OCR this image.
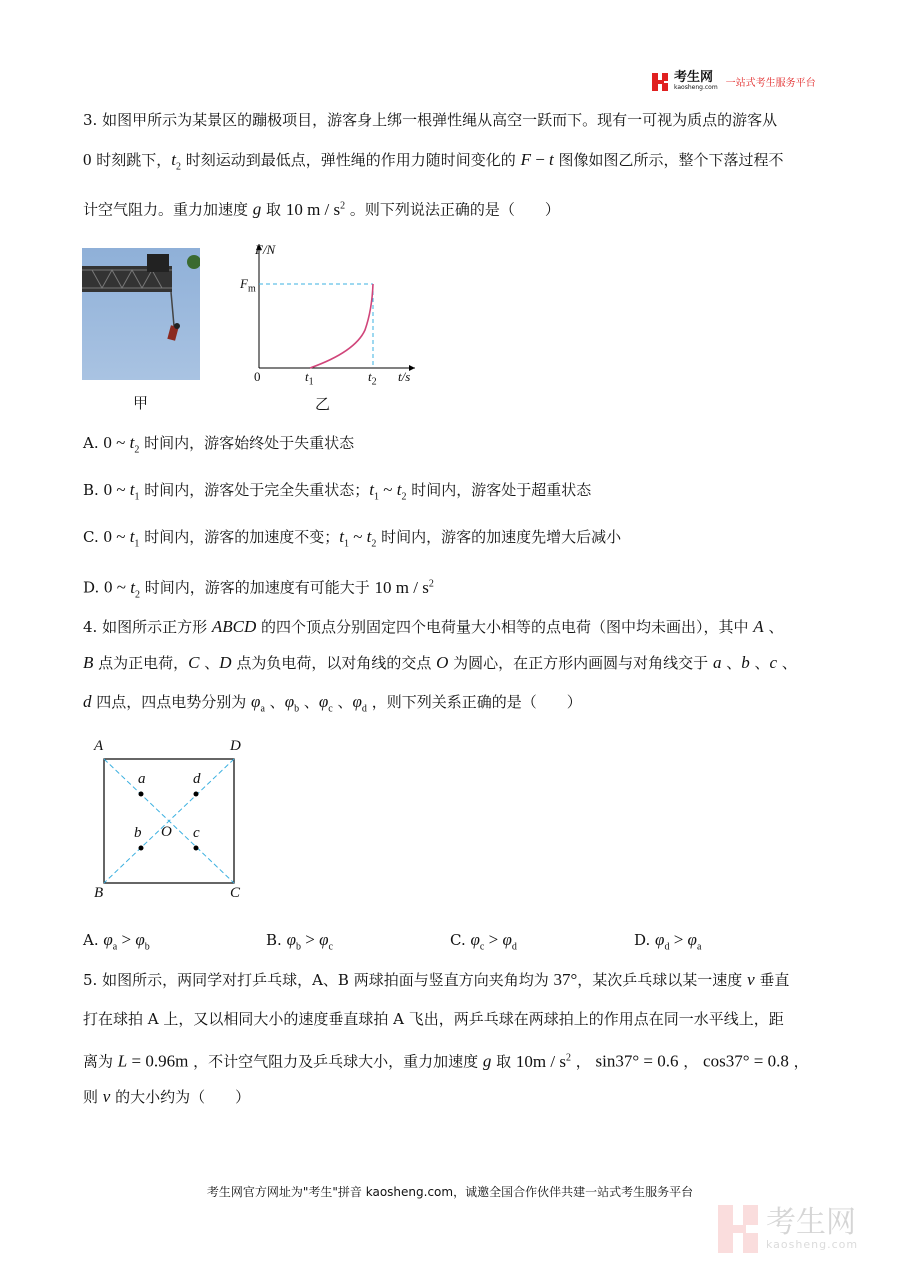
考生网
kaosheng.com 一站式考生服务平台
3. 如图甲所示为某景区的蹦极项目，游客身上绑一根弹性绳从高空一跃而下。现有一可视为质点的游客从
0 时刻跳下，$t_2$ 时刻运动到最低点，弹性绳的作用力随时间变化的 F − t 图像如图乙所示，整个下落过程不
计空气阻力。重力加速度 g 取 10 m / $s^2$ 。则下列说法正确的是（　　）
甲
F/N
$F_m$
0	$t_1$	$t_2$ t/s
乙
A. 0 ~ $t_2$ 时间内，游客始终处于失重状态
B. 0 ~ $t_1$ 时间内，游客处于完全失重状态；$t_1$ ~ $t_2$ 时间内，游客处于超重状态
C. 0 ~ $t_1$ 时间内，游客的加速度不变；$t_1$ ~ $t_2$ 时间内，游客的加速度先增大后减小
D. 0 ~ $t_2$ 时间内，游客的加速度有可能大于 10 m / $s^2$
4. 如图所示正方形 ABCD 的四个顶点分别固定四个电荷量大小相等的点电荷（图中均未画出），其中 A 、
B 点为正电荷，C 、D 点为负电荷，以对角线的交点 O 为圆心，在正方形内画圆与对角线交于 a 、b 、c 、
d 四点，四点电势分别为 $\varphi_a$ 、$\varphi_b$ 、$\varphi_c$ 、$\varphi_d$ ，则下列关系正确的是（　　）
A	D
B	C
a	d
b	c
O
A. $\varphi_a > \varphi_b$	B. $\varphi_b > \varphi_c$	C. $\varphi_c > \varphi_d$	D. $\varphi_d > \varphi_a$
5. 如图所示，两同学对打乒乓球，A、B 两球拍面与竖直方向夹角均为 37°，某次乒乓球以某一速度 v 垂直
打在球拍 A 上，又以相同大小的速度垂直球拍 A 飞出，两乒乓球在两球拍上的作用点在同一水平线上，距
离为 L = 0.96m ，不计空气阻力及乒乓球大小，重力加速度 g 取 $10m / s^2$ ， sin37° = 0.6 ， cos37° = 0.8 ，
则 v 的大小约为（　　）
考生网官方网址为"考生"拼音 kaosheng.com，诚邀全国合作伙伴共建一站式考生服务平台
考生网
kaosheng.com
